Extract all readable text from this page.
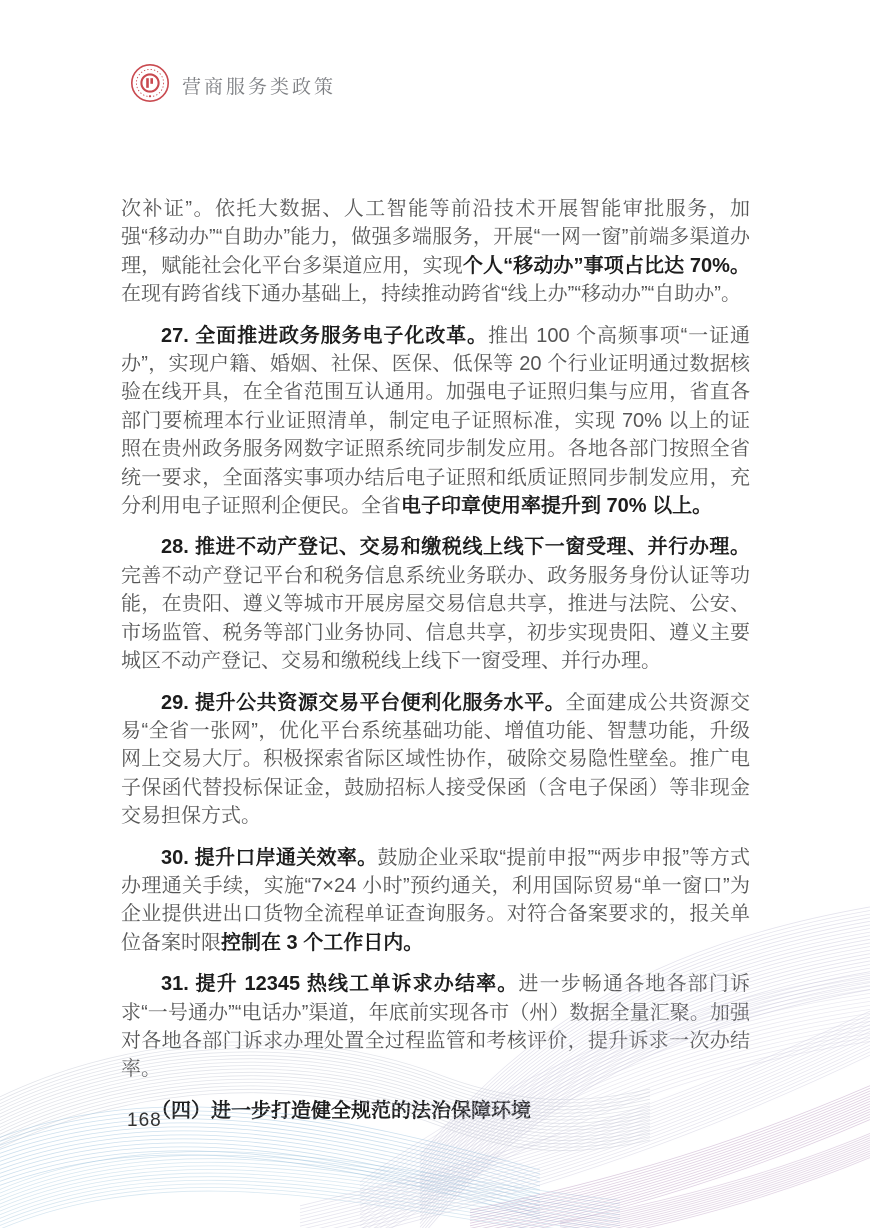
营商服务类政策

次补证”。依托大数据、人工智能等前沿技术开展智能审批服务，加强“移动办”“自助办”能力，做强多端服务，开展“一网一窗”前端多渠道办理，赋能社会化平台多渠道应用，实现个人“移动办”事项占比达 70%。在现有跨省线下通办基础上，持续推动跨省“线上办”“移动办”“自助办”。

27. 全面推进政务服务电子化改革。推出 100 个高频事项“一证通办”，实现户籍、婚姻、社保、医保、低保等 20 个行业证明通过数据核验在线开具，在全省范围互认通用。加强电子证照归集与应用，省直各部门要梳理本行业证照清单，制定电子证照标准，实现 70% 以上的证照在贵州政务服务网数字证照系统同步制发应用。各地各部门按照全省统一要求，全面落实事项办结后电子证照和纸质证照同步制发应用，充分利用电子证照利企便民。全省电子印章使用率提升到 70% 以上。

28. 推进不动产登记、交易和缴税线上线下一窗受理、并行办理。完善不动产登记平台和税务信息系统业务联办、政务服务身份认证等功能，在贵阳、遵义等城市开展房屋交易信息共享，推进与法院、公安、市场监管、税务等部门业务协同、信息共享，初步实现贵阳、遵义主要城区不动产登记、交易和缴税线上线下一窗受理、并行办理。

29. 提升公共资源交易平台便利化服务水平。全面建成公共资源交易“全省一张网”，优化平台系统基础功能、增值功能、智慧功能，升级网上交易大厅。积极探索省际区域性协作，破除交易隐性壁垒。推广电子保函代替投标保证金，鼓励招标人接受保函（含电子保函）等非现金交易担保方式。

30. 提升口岸通关效率。鼓励企业采取“提前申报”“两步申报”等方式办理通关手续，实施“7×24 小时”预约通关，利用国际贸易“单一窗口”为企业提供进出口货物全流程单证查询服务。对符合备案要求的，报关单位备案时限控制在 3 个工作日内。

31. 提升 12345 热线工单诉求办结率。进一步畅通各地各部门诉求“一号通办”“电话办”渠道，年底前实现各市（州）数据全量汇聚。加强对各地各部门诉求办理处置全过程监管和考核评价，提升诉求一次办结率。

（四）进一步打造健全规范的法治保障环境

168
